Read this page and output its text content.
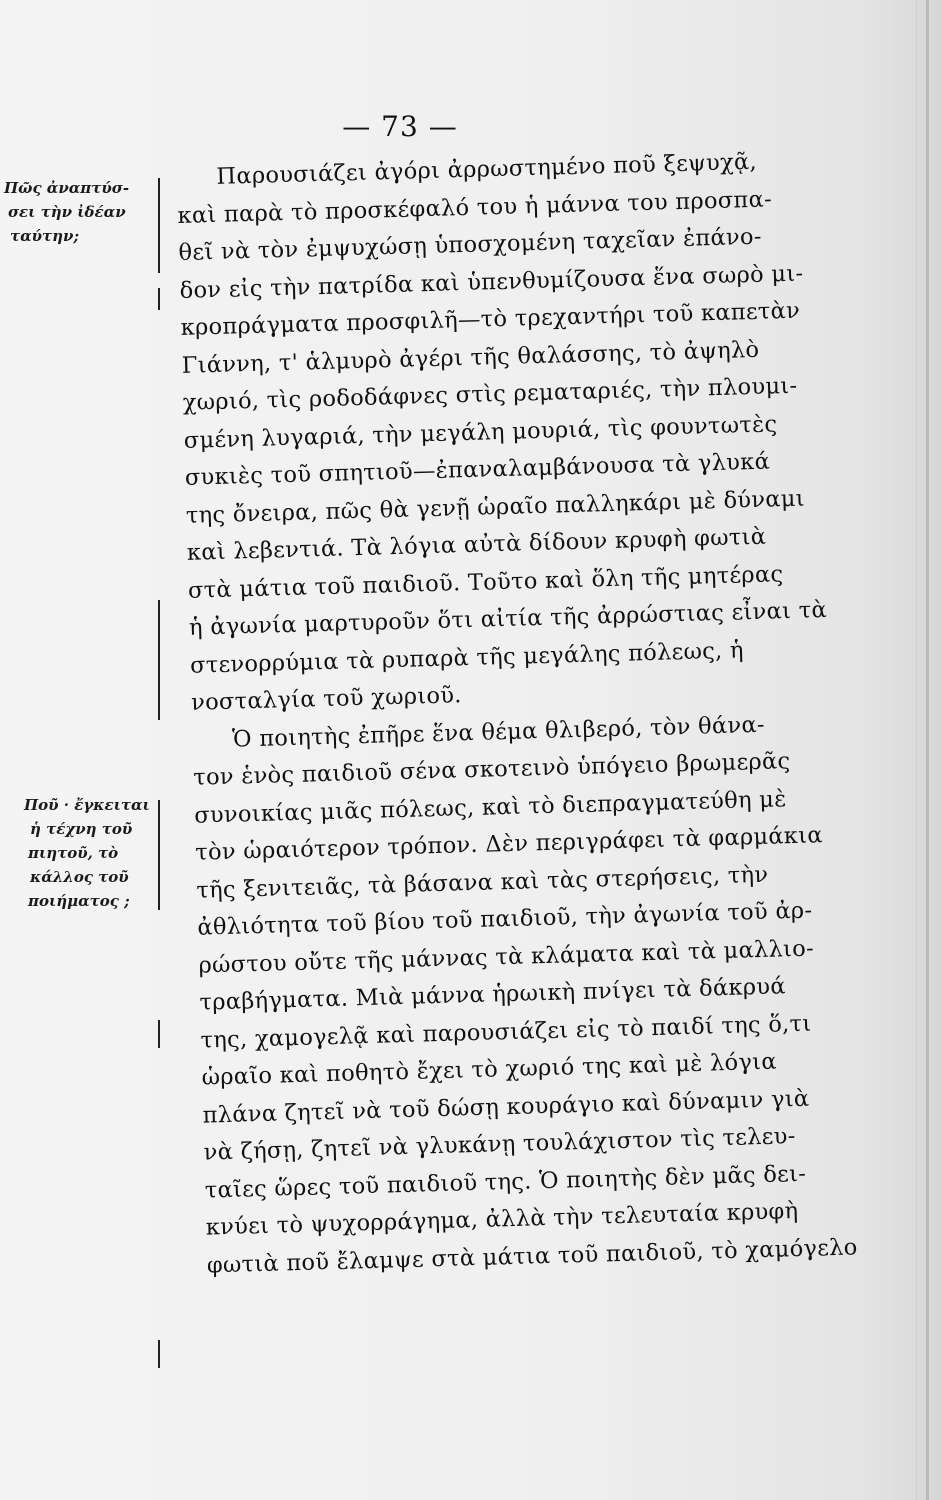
— 73 —
Πῶς ἀναπτύσ-
σει τὴν ἰδέαν
ταύτην;
Ποῦ · ἔγκειται
ἡ τέχνη τοῦ
πιητοῦ, τὸ
κάλλος τοῦ
ποιήματος ;
Παρουσιάζει ἀγόρι ἀρρωστημένο ποῦ ξεψυχᾷ,
καὶ παρὰ τὸ προσκέφαλό του ἡ μάννα του προσπα-
θεῖ νὰ τὸν ἐμψυχώσῃ ὑποσχομένη ταχεῖαν ἐπάνο-
δον εἰς τὴν πατρίδα καὶ ὑπενθυμίζουσα ἕνα σωρὸ μι-
κροπράγματα προσφιλῆ—τὸ τρεχαντήρι τοῦ καπετὰν
Γιάννη, τ' ἁλμυρὸ ἀγέρι τῆς θαλάσσης, τὸ ἀψηλὸ
χωριό, τὶς ροδοδάφνες στὶς ρεματαριές, τὴν πλουμι-
σμένη λυγαριά, τὴν μεγάλη μουριά, τὶς φουντωτὲς
συκιὲς τοῦ σπητιοῦ—ἐπαναλαμβάνουσα τὰ γλυκά
της ὄνειρα, πῶς θὰ γενῇ ὡραῖο παλληκάρι μὲ δύναμι
καὶ λεβεντιά. Τὰ λόγια αὐτὰ δίδουν κρυφὴ φωτιὰ
στὰ μάτια τοῦ παιδιοῦ. Τοῦτο καὶ ὅλη τῆς μητέρας
ἡ ἀγωνία μαρτυροῦν ὅτι αἰτία τῆς ἀρρώστιας εἶναι τὰ
στενορρύμια τὰ ρυπαρὰ τῆς μεγάλης πόλεως, ἡ
νοσταλγία τοῦ χωριοῦ.
Ὁ ποιητὴς ἐπῆρε ἕνα θέμα θλιβερό, τὸν θάνα-
τον ἑνὸς παιδιοῦ σένα σκοτεινὸ ὑπόγειο βρωμερᾶς
συνοικίας μιᾶς πόλεως, καὶ τὸ διεπραγματεύθη μὲ
τὸν ὡραιότερον τρόπον. Δὲν περιγράφει τὰ φαρμάκια
τῆς ξενιτειᾶς, τὰ βάσανα καὶ τὰς στερήσεις, τὴν
ἀθλιότητα τοῦ βίου τοῦ παιδιοῦ, τὴν ἀγωνία τοῦ ἀρ-
ρώστου οὔτε τῆς μάννας τὰ κλάματα καὶ τὰ μαλλιο-
τραβήγματα. Μιὰ μάννα ἡρωικὴ πνίγει τὰ δάκρυά
της, χαμογελᾷ καὶ παρουσιάζει εἰς τὸ παιδί της ὅ,τι
ὡραῖο καὶ ποθητὸ ἔχει τὸ χωριό της καὶ μὲ λόγια
πλάνα ζητεῖ νὰ τοῦ δώσῃ κουράγιο καὶ δύναμιν γιὰ
νὰ ζήσῃ, ζητεῖ νὰ γλυκάνῃ τουλάχιστον τὶς τελευ-
ταῖες ὥρες τοῦ παιδιοῦ της. Ὁ ποιητὴς δὲν μᾶς δει-
κνύει τὸ ψυχορράγημα, ἀλλὰ τὴν τελευταία κρυφὴ
φωτιὰ ποῦ ἔλαμψε στὰ μάτια τοῦ παιδιοῦ, τὸ χαμόγελο
